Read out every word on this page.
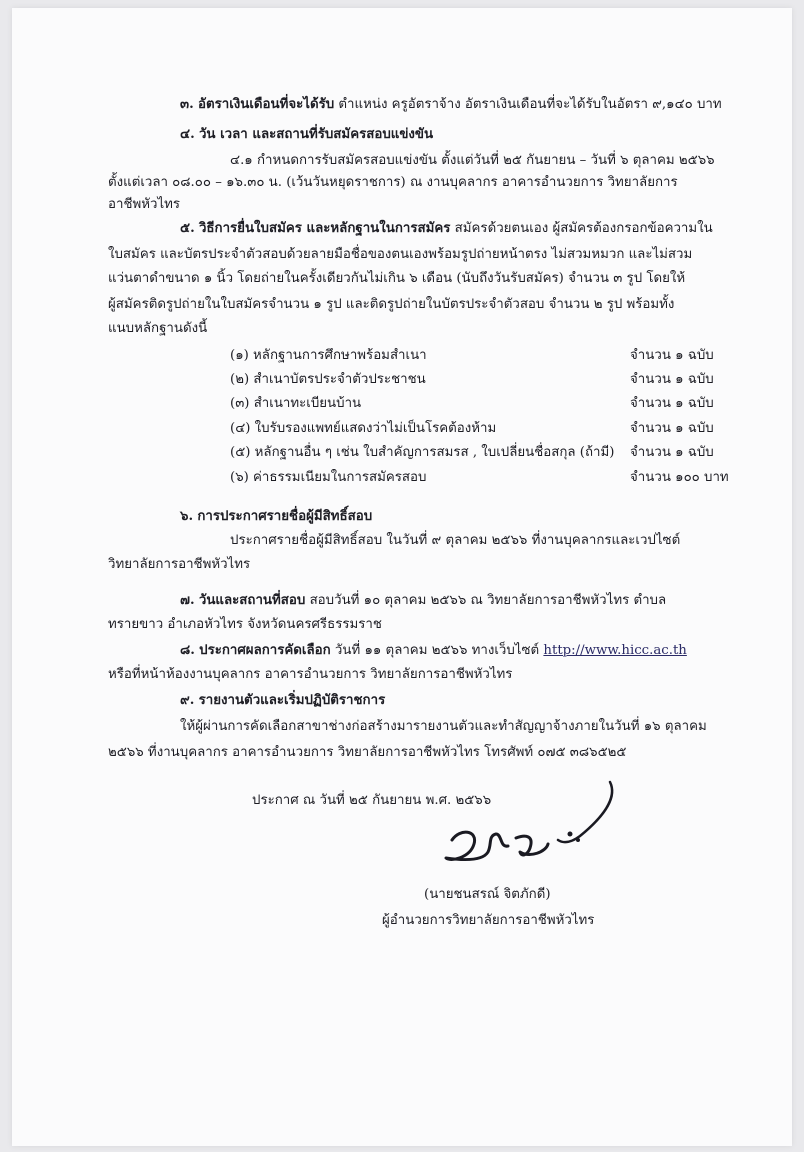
๓. อัตราเงินเดือนที่จะได้รับ ตำแหน่ง ครูอัตราจ้าง อัตราเงินเดือนที่จะได้รับในอัตรา ๙,๑๔๐ บาท
๔. วัน เวลา และสถานที่รับสมัครสอบแข่งขัน
๔.๑ กำหนดการรับสมัครสอบแข่งขัน ตั้งแต่วันที่ ๒๕ กันยายน – วันที่ ๖ ตุลาคม ๒๕๖๖
ตั้งแต่เวลา ๐๘.๐๐ – ๑๖.๓๐ น. (เว้นวันหยุดราชการ) ณ งานบุคลากร อาคารอำนวยการ วิทยาลัยการ
อาชีพหัวไทร
๕. วิธีการยื่นใบสมัคร และหลักฐานในการสมัคร สมัครด้วยตนเอง ผู้สมัครต้องกรอกข้อความใน
ใบสมัคร และบัตรประจำตัวสอบด้วยลายมือชื่อของตนเองพร้อมรูปถ่ายหน้าตรง ไม่สวมหมวก และไม่สวม
แว่นตาดำขนาด ๑ นิ้ว โดยถ่ายในครั้งเดียวกันไม่เกิน ๖ เดือน (นับถึงวันรับสมัคร) จำนวน ๓ รูป โดยให้
ผู้สมัครติดรูปถ่ายในใบสมัครจำนวน ๑ รูป และติดรูปถ่ายในบัตรประจำตัวสอบ จำนวน ๒ รูป พร้อมทั้ง
แนบหลักฐานดังนี้
(๑) หลักฐานการศึกษาพร้อมสำเนา	จำนวน ๑ ฉบับ
(๒) สำเนาบัตรประจำตัวประชาชน	จำนวน ๑ ฉบับ
(๓) สำเนาทะเบียนบ้าน	จำนวน ๑ ฉบับ
(๔) ใบรับรองแพทย์แสดงว่าไม่เป็นโรคต้องห้าม	จำนวน ๑ ฉบับ
(๕) หลักฐานอื่น ๆ เช่น ใบสำคัญการสมรส , ใบเปลี่ยนชื่อสกุล (ถ้ามี) จำนวน ๑ ฉบับ
(๖) ค่าธรรมเนียมในการสมัครสอบ	จำนวน ๑๐๐ บาท
๖. การประกาศรายชื่อผู้มีสิทธิ์สอบ
ประกาศรายชื่อผู้มีสิทธิ์สอบ ในวันที่ ๙ ตุลาคม ๒๕๖๖ ที่งานบุคลากรและเวปไซต์
วิทยาลัยการอาชีพหัวไทร
๗. วันและสถานที่สอบ สอบวันที่ ๑๐ ตุลาคม ๒๕๖๖ ณ วิทยาลัยการอาชีพหัวไทร ตำบล
ทรายขาว อำเภอหัวไทร จังหวัดนครศรีธรรมราช
๘. ประกาศผลการคัดเลือก วันที่ ๑๑ ตุลาคม ๒๕๖๖ ทางเว็บไซต์ http://www.hicc.ac.th
หรือที่หน้าห้องงานบุคลากร อาคารอำนวยการ วิทยาลัยการอาชีพหัวไทร
๙. รายงานตัวและเริ่มปฏิบัติราชการ
ให้ผู้ผ่านการคัดเลือกสาขาช่างก่อสร้างมารายงานตัวและทำสัญญาจ้างภายในวันที่ ๑๖ ตุลาคม
๒๕๖๖ ที่งานบุคลากร อาคารอำนวยการ วิทยาลัยการอาชีพหัวไทร โทรศัพท์ ๐๗๕ ๓๘๖๕๒๕
ประกาศ ณ วันที่ ๒๕ กันยายน พ.ศ. ๒๕๖๖
(นายชนสรณ์ จิตภักดี)
ผู้อำนวยการวิทยาลัยการอาชีพหัวไทร
